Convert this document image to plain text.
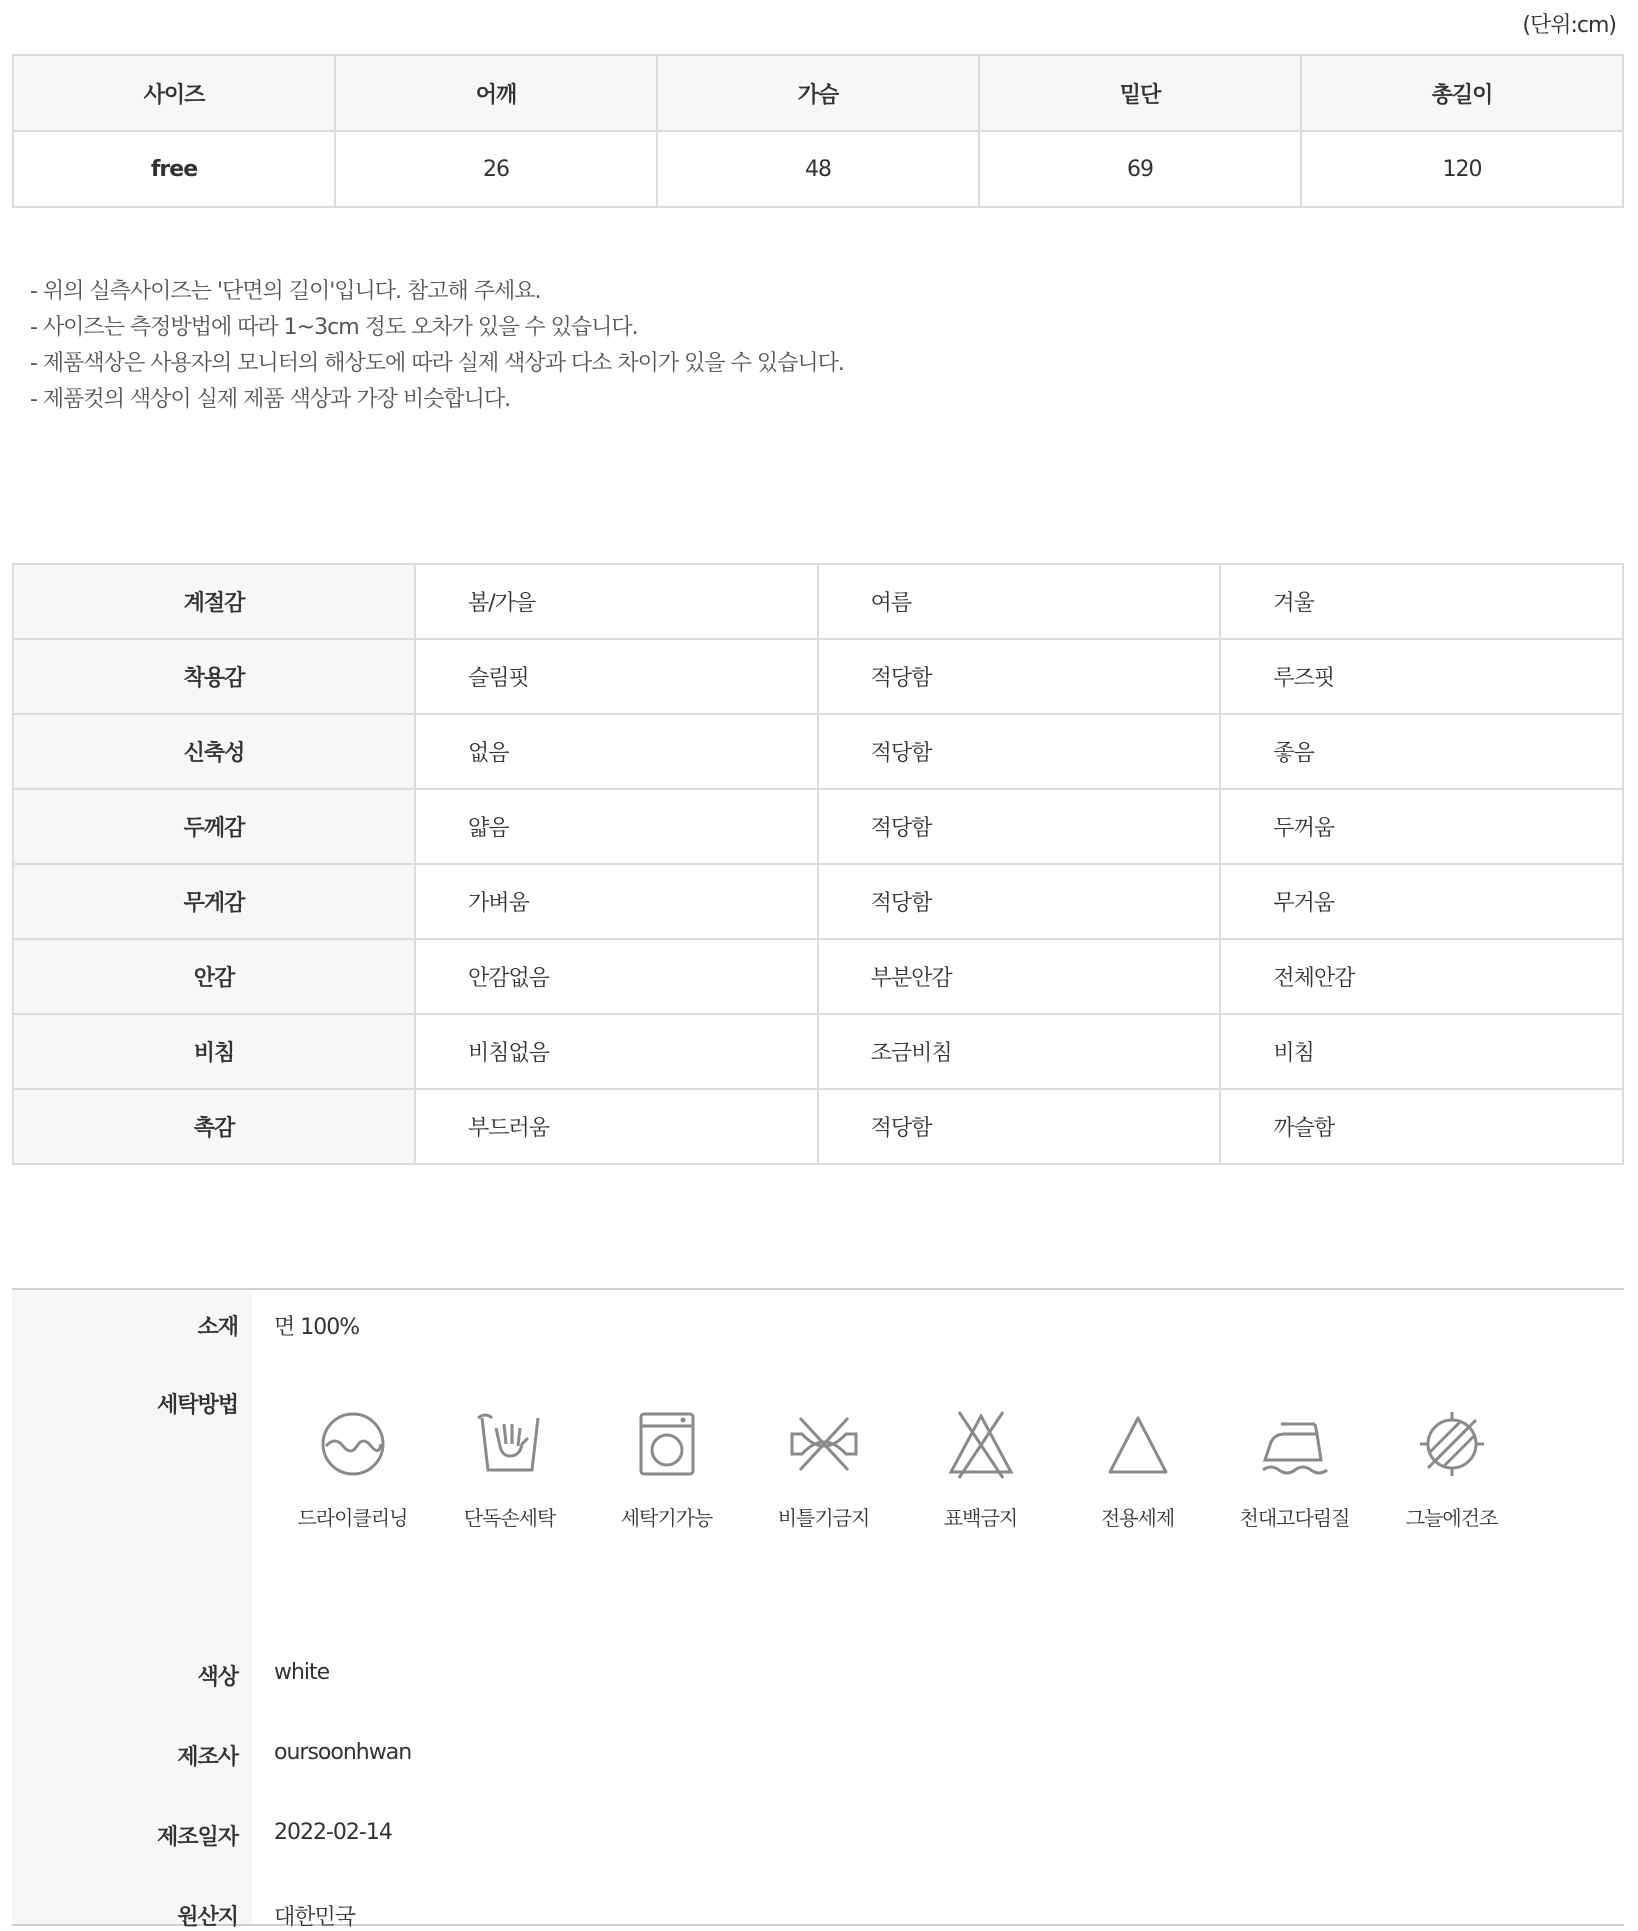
(단위:cm)
사이즈	어깨	가슴	밑단	총길이
free	26	48	69	120
- 위의 실측사이즈는 '단면의 길이'입니다. 참고해 주세요.
- 사이즈는 측정방법에 따라 1~3cm 정도 오차가 있을 수 있습니다.
- 제품색상은 사용자의 모니터의 해상도에 따라 실제 색상과 다소 차이가 있을 수 있습니다.
- 제품컷의 색상이 실제 제품 색상과 가장 비슷합니다.
계절감	봄/가을	여름	겨울
착용감	슬림핏	적당함	루즈핏
신축성	없음	적당함	좋음
두께감	얇음	적당함	두꺼움
무게감	가벼움	적당함	무거움
안감	안감없음	부분안감	전체안감
비침	비침없음	조금비침	비침
촉감	부드러움	적당함	까슬함
소재 면 100%
세탁방법
드라이클리닝	단독손세탁	세탁기가능	비틀기금지	표백금지	전용세제	천대고다림질	그늘에건조
색상 white
제조사 oursoonhwan
제조일자 2022-02-14
원산지 대한민국
